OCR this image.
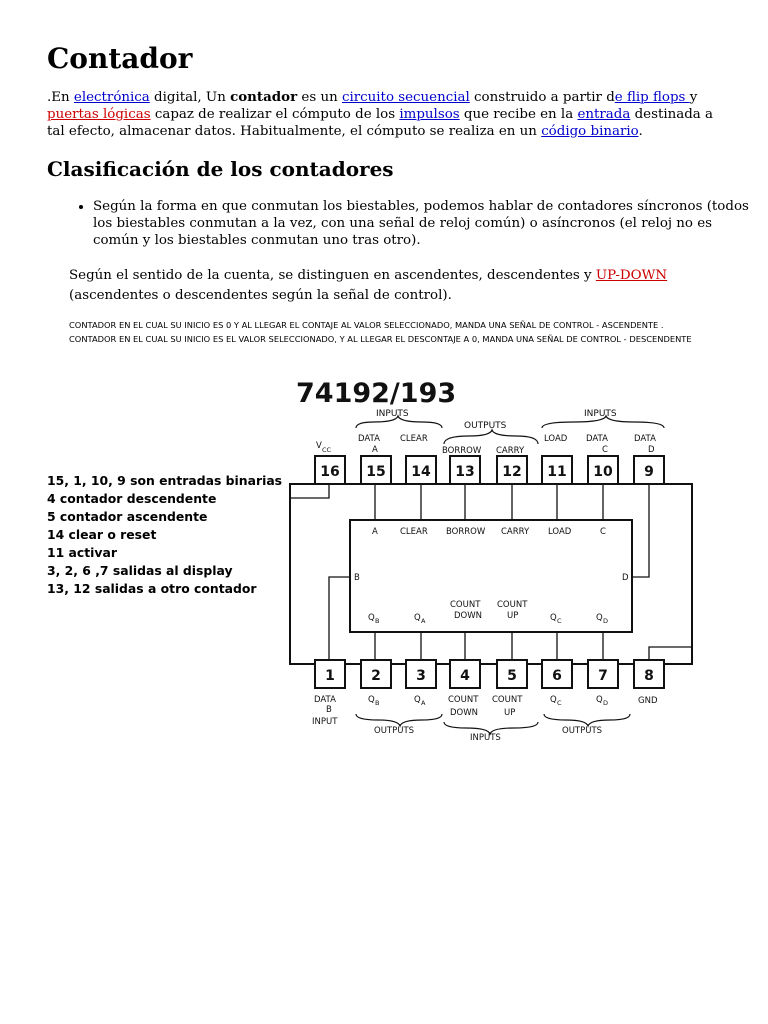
Contador

.En electrónica digital, Un contador es un circuito secuencial construido a partir de flip flops y puertas lógicas capaz de realizar el cómputo de los impulsos que recibe en la entrada destinada a tal efecto, almacenar datos. Habitualmente, el cómputo se realiza en un código binario.

Clasificación de los contadores
• Según la forma en que conmutan los biestables, podemos hablar de contadores síncronos (todos los biestables conmutan a la vez, con una señal de reloj común) o asíncronos (el reloj no es común y los biestables conmutan uno tras otro).

Según el sentido de la cuenta, se distinguen en ascendentes, descendentes y UP-DOWN (ascendentes o descendentes según la señal de control).

CONTADOR EN EL CUAL SU INICIO ES 0 Y AL LLEGAR EL CONTAJE AL VALOR SELECCIONADO, MANDA UNA SEÑAL DE CONTROL - ASCENDENTE .
CONTADOR EN EL CUAL SU INICIO ES EL VALOR SELECCIONADO, Y AL LLEGAR EL DESCONTAJE A 0, MANDA UNA SEÑAL DE CONTROL - DESCENDENTE
15, 1, 10, 9 son entradas binarias
4 contador descendente
5 contador ascendente
14 clear o reset
11 activar
3, 2, 6 ,7 salidas al display
13, 12 salidas a otro contador
74192/193
INPUTS
OUTPUTS
INPUTS
V CC
DATA
A
CLEAR
BORROW CARRY
LOAD DATA
C
DATA
D
16 15 14 13 12 11 10 9
A	CLEAR BORROW CARRY LOAD	C
B	D
Q B	Q A
COUNT
DOWN
COUNT
UP	Q C	Q D
1	2	3 4	5	6	7	8
DATA
B
INPUT
Q B	Q A	COUNT
DOWN
COUNT
UP
Q C	Q D	GND
OUTPUTS
INPUTS
OUTPUTS
